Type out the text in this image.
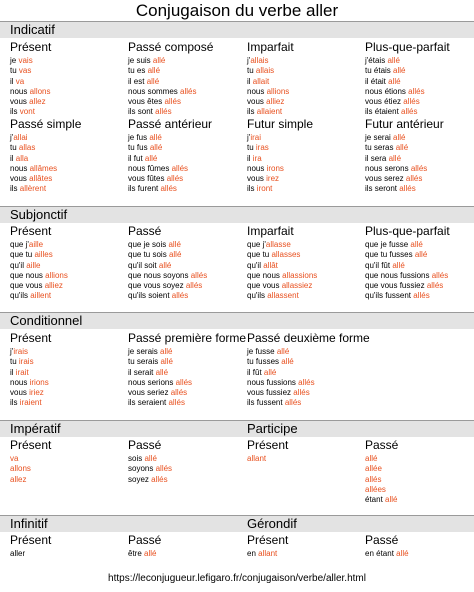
Conjugaison du verbe aller
Indicatif
Présent
je vais
tu vas
il va
nous allons
vous allez
ils vont
Passé composé
je suis allé
tu es allé
il est allé
nous sommes allés
vous êtes allés
ils sont allés
Imparfait
j'allais
tu allais
il allait
nous allions
vous alliez
ils allaient
Plus-que-parfait
j'étais allé
tu étais allé
il était allé
nous étions allés
vous étiez allés
ils étaient allés
Passé simple
j'allai
tu allas
il alla
nous allâmes
vous allâtes
ils allèrent
Passé antérieur
je fus allé
tu fus allé
il fut allé
nous fûmes allés
vous fûtes allés
ils furent allés
Futur simple
j'irai
tu iras
il ira
nous irons
vous irez
ils iront
Futur antérieur
je serai allé
tu seras allé
il sera allé
nous serons allés
vous serez allés
ils seront allés
Subjonctif
Présent
que j'aille
que tu ailles
qu'il aille
que nous allions
que vous alliez
qu'ils aillent
Passé
que je sois allé
que tu sois allé
qu'il soit allé
que nous soyons allés
que vous soyez allés
qu'ils soient allés
Imparfait
que j'allasse
que tu allasses
qu'il allât
que nous allassions
que vous allassiez
qu'ils allassent
Plus-que-parfait
que je fusse allé
que tu fusses allé
qu'il fût allé
que nous fussions allés
que vous fussiez allés
qu'ils fussent allés
Conditionnel
Présent
j'irais
tu irais
il irait
nous irions
vous iriez
ils iraient
Passé première forme
je serais allé
tu serais allé
il serait allé
nous serions allés
vous seriez allés
ils seraient allés
Passé deuxième forme
je fusse allé
tu fusses allé
il fût allé
nous fussions allés
vous fussiez allés
ils fussent allés
Impératif	Participe
Présent
va
allons
allez
Passé
sois allé
soyons allés
soyez allés
Présent
allant
Passé
allé
allée
allés
allées
étant allé
Infinitif	Gérondif
Présent
aller
Passé
être allé
Présent
en allant
Passé
en étant allé
https://leconjugueur.lefigaro.fr/conjugaison/verbe/aller.html
